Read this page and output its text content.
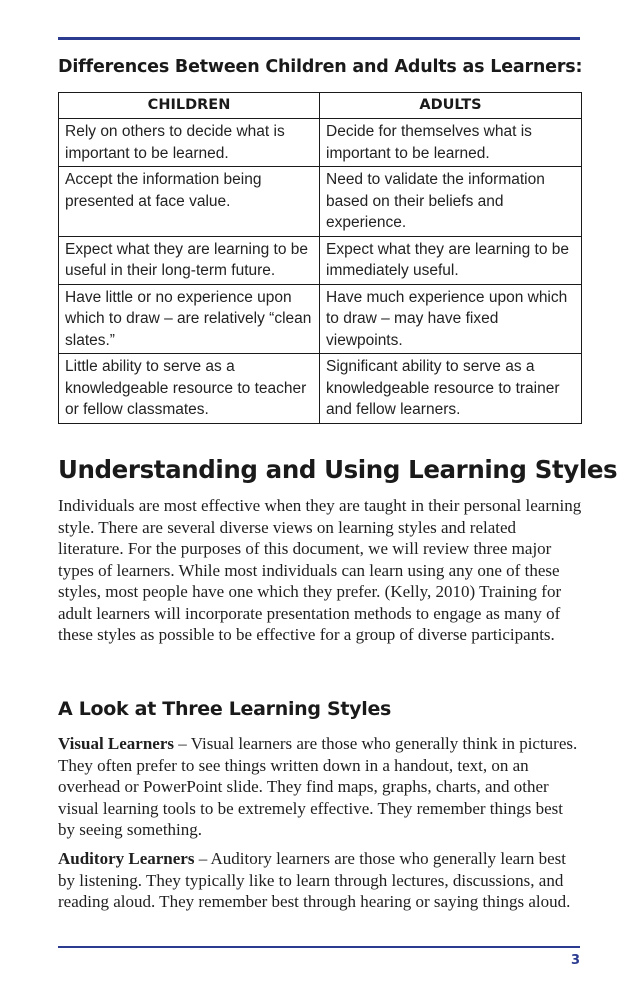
Differences Between Children and Adults as Learners:
CHILDREN	ADULTS
Rely on others to decide what is important to be learned.	Decide for themselves what is important to be learned.
Accept the information being presented at face value.	Need to validate the information based on their beliefs and experience.
Expect what they are learning to be useful in their long-term future.	Expect what they are learning to be immediately useful.
Have little or no experience upon which to draw – are relatively “clean slates.”	Have much experience upon which to draw – may have fixed viewpoints.
Little ability to serve as a knowledgeable resource to teacher or fellow classmates.	Significant ability to serve as a knowledgeable resource to trainer and fellow learners.
Understanding and Using Learning Styles

Individuals are most effective when they are taught in their personal learning style. There are several diverse views on learning styles and related literature. For the purposes of this document, we will review three major types of learners. While most individuals can learn using any one of these styles, most people have one which they prefer. (Kelly, 2010) Training for adult learners will incorporate presentation methods to engage as many of these styles as possible to be effective for a group of diverse participants.

A Look at Three Learning Styles

Visual Learners – Visual learners are those who generally think in pictures. They often prefer to see things written down in a handout, text, on an overhead or PowerPoint slide. They find maps, graphs, charts, and other visual learning tools to be extremely effective. They remember things best by seeing something.

Auditory Learners – Auditory learners are those who generally learn best by listening. They typically like to learn through lectures, discussions, and reading aloud. They remember best through hearing or saying things aloud.

3
